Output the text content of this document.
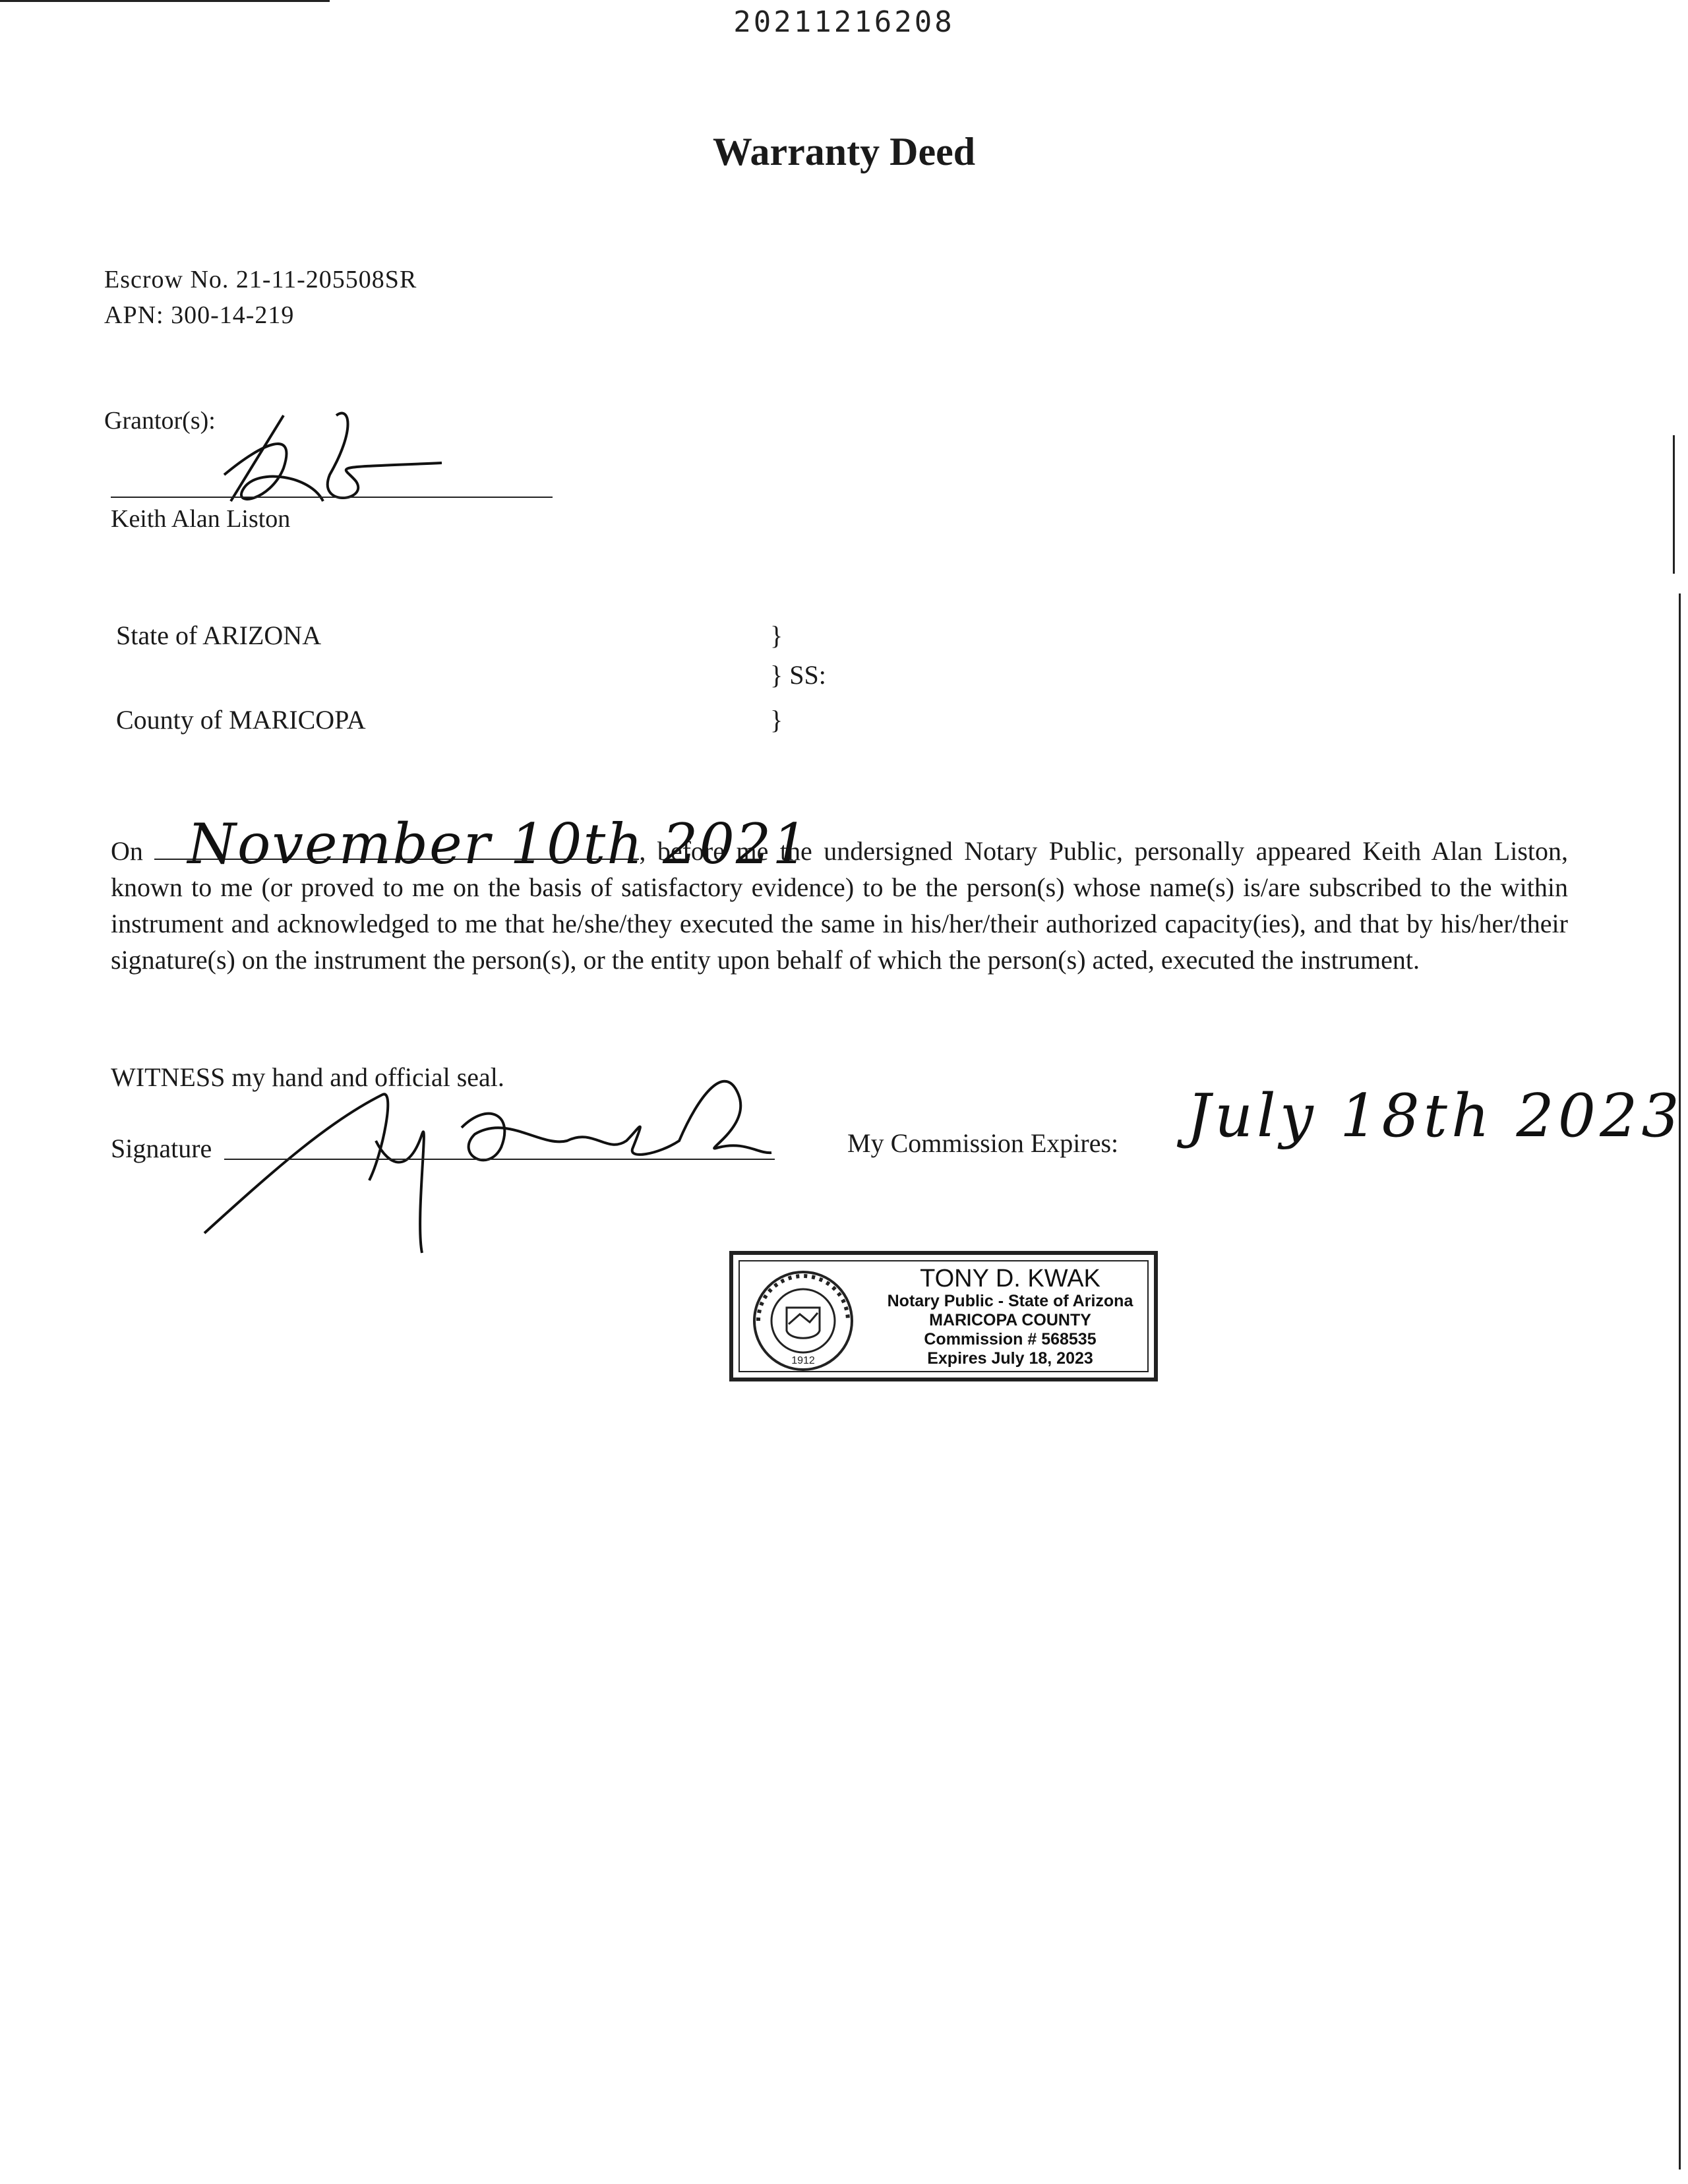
20211216208
Warranty Deed
Escrow No. 21-11-205508SR
APN: 300-14-219
Grantor(s):
Keith Alan Liston
State of ARIZONA
County of MARICOPA
}
} SS:
}
On November 10th 2021
, before me the undersigned Notary Public, personally appeared Keith Alan Liston, known to me (or proved to me on the basis of satisfactory evidence) to be the person(s) whose name(s) is/are subscribed to the within instrument and acknowledged to me that he/she/they executed the same in his/her/their authorized capacity(ies), and that by his/her/their signature(s) on the instrument the person(s), or the entity upon behalf of which the person(s) acted, executed the instrument.
WITNESS my hand and official seal.
Signature	My Commission Expires: July 18th 2023
1912
TONY D. KWAK
Notary Public - State of Arizona
MARICOPA COUNTY
Commission # 568535
Expires July 18, 2023
